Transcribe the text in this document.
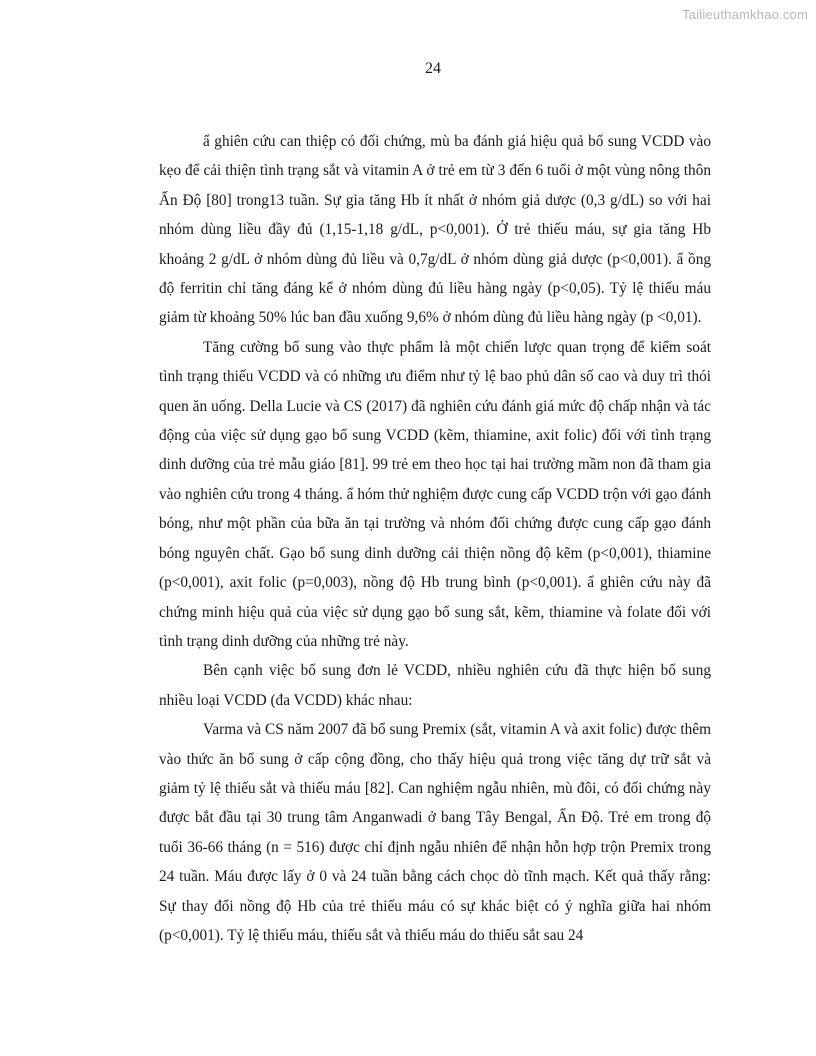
Tailieuthamkhao.com
24

ẩ ghiên cứu can thiệp có đối chứng, mù ba đánh giá hiệu quả bổ sung VCDD vào kẹo để cải thiện tình trạng sắt và vitamin A ở trẻ em từ 3 đến 6 tuổi ở một vùng nông thôn Ấn Độ [80] trong13 tuần. Sự gia tăng Hb ít nhất ở nhóm giả dược (0,3 g/dL) so với hai nhóm dùng liều đầy đủ (1,15-1,18 g/dL, p<0,001). Ở trẻ thiếu máu, sự gia tăng Hb khoảng 2 g/dL ở nhóm dùng đủ liều và 0,7g/dL ở nhóm dùng giả dược (p<0,001). ẩ ồng độ ferritin chỉ tăng đáng kể ở nhóm dùng đủ liều hàng ngày (p<0,05). Tỷ lệ thiếu máu giảm từ khoảng 50% lúc ban đầu xuống 9,6% ở nhóm dùng đủ liều hàng ngày (p <0,01).

Tăng cường bổ sung vào thực phẩm là một chiến lược quan trọng để kiểm soát tình trạng thiếu VCDD và có những ưu điểm như tỷ lệ bao phủ dân số cao và duy trì thói quen ăn uống. Della Lucie và CS (2017) đã nghiên cứu đánh giá mức độ chấp nhận và tác động của việc sử dụng gạo bổ sung VCDD (kẽm, thiamine, axit folic) đối với tình trạng dinh dưỡng của trẻ mẫu giáo [81]. 99 trẻ em theo học tại hai trường mầm non đã tham gia vào nghiên cứu trong 4 tháng. ẩ hóm thử nghiệm được cung cấp VCDD trộn với gạo đánh bóng, như một phần của bữa ăn tại trường và nhóm đối chứng được cung cấp gạo đánh bóng nguyên chất. Gạo bổ sung dinh dưỡng cải thiện nồng độ kẽm (p<0,001), thiamine (p<0,001), axit folic (p=0,003), nồng độ Hb trung bình (p<0,001). ẩ ghiên cứu này đã chứng minh hiệu quả của việc sử dụng gạo bổ sung sắt, kẽm, thiamine và folate đối với tình trạng dinh dưỡng của những trẻ này.

Bên cạnh việc bổ sung đơn lẻ VCDD, nhiều nghiên cứu đã thực hiện bổ sung nhiều loại VCDD (đa VCDD) khác nhau:

Varma và CS năm 2007 đã bổ sung Premix (sắt, vitamin A và axit folic) được thêm vào thức ăn bổ sung ở cấp cộng đồng, cho thấy hiệu quả trong việc tăng dự trữ sắt và giảm tỷ lệ thiếu sắt và thiếu máu [82]. Can nghiệm ngẫu nhiên, mù đôi, có đối chứng này được bắt đầu tại 30 trung tâm Anganwadi ở bang Tây Bengal, Ấn Độ. Trẻ em trong độ tuổi 36-66 tháng (n = 516) được chỉ định ngẫu nhiên để nhận hỗn hợp trộn Premix trong 24 tuần. Máu được lấy ở 0 và 24 tuần bằng cách chọc dò tĩnh mạch. Kết quả thấy rằng: Sự thay đổi nồng độ Hb của trẻ thiếu máu có sự khác biệt có ý nghĩa giữa hai nhóm (p<0,001). Tỷ lệ thiếu máu, thiếu sắt và thiếu máu do thiếu sắt sau 24
